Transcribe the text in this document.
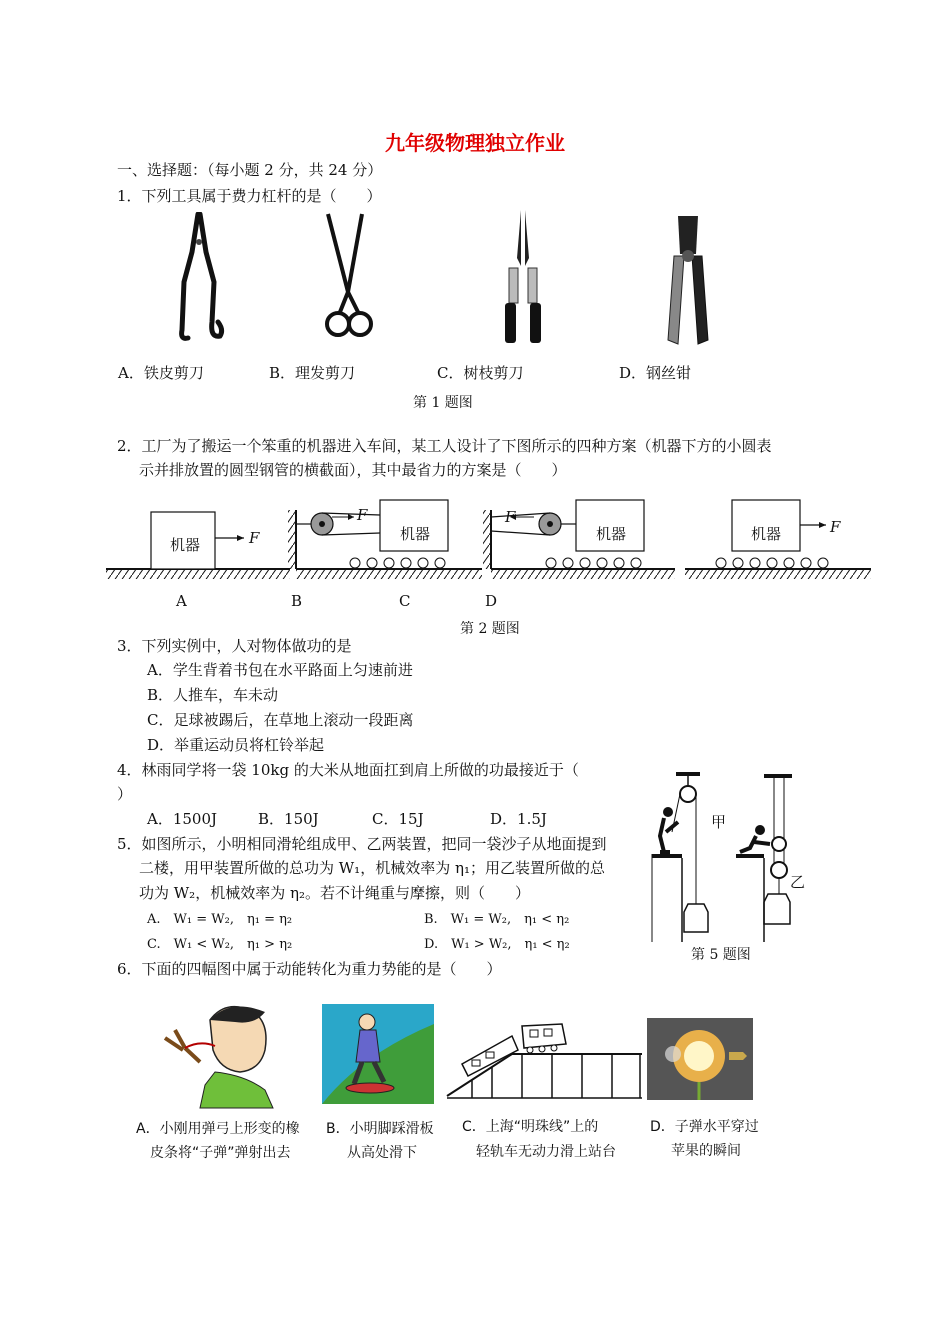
九年级物理独立作业
一、选择题：（每小题 2 分，共 24 分）
1．下列工具属于费力杠杆的是（　　）
A．铁皮剪刀	B．理发剪刀	C．树枝剪刀	D．钢丝钳
第 1 题图
2．工厂为了搬运一个笨重的机器进入车间，某工人设计了下图所示的四种方案（机器下方的小圆表
示并排放置的圆型钢管的横截面），其中最省力的方案是（　　）
机器
机器	机器	机器
F
F	F
F
A	B	C	D
第 2 题图
3．下列实例中，人对物体做功的是
A．学生背着书包在水平路面上匀速前进
B．人推车，车未动
C．足球被踢后，在草地上滚动一段距离
D．举重运动员将杠铃举起
4．林雨同学将一袋 10kg 的大米从地面扛到肩上所做的功最接近于（
）
A．1500J	B．150J	C．15J	D．1.5J
5．如图所示，小明相同滑轮组成甲、乙两装置，把同一袋沙子从地面提到
二楼，用甲装置所做的总功为 W₁，机械效率为 η₁；用乙装置所做的总
功为 W₂，机械效率为 η₂。若不计绳重与摩擦，则（　　）
A.　W₁ = W₂,　η₁ = η₂	B.　W₁ = W₂,　η₁ < η₂
C.　W₁ < W₂,　η₁ > η₂	D.　W₁ > W₂,　η₁ < η₂
甲
乙
第 5 题图
6．下面的四幅图中属于动能转化为重力势能的是（　　）
A．小刚用弹弓上形变的橡
皮条将“子弹”弹射出去
B．小明脚踩滑板
从高处滑下
C．上海“明珠线”上的
轻轨车无动力滑上站台
D．子弹水平穿过
苹果的瞬间
